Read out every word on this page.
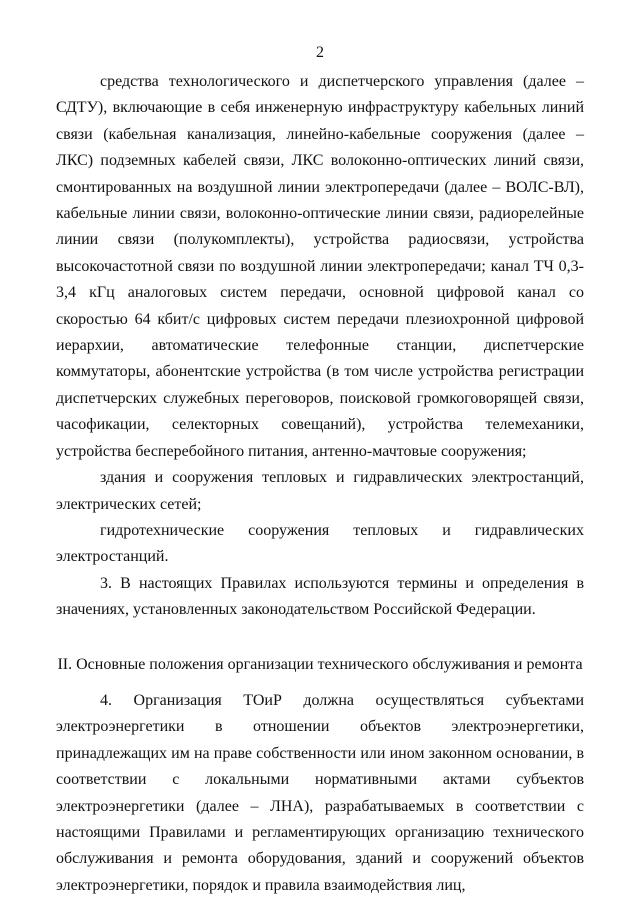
2

средства технологического и диспетчерского управления (далее – СДТУ), включающие в себя инженерную инфраструктуру кабельных линий связи (кабельная канализация, линейно-кабельные сооружения (далее – ЛКС) подземных кабелей связи, ЛКС волоконно-оптических линий связи, смонтированных на воздушной линии электропередачи (далее – ВОЛС-ВЛ), кабельные линии связи, волоконно-оптические линии связи, радиорелейные линии связи (полукомплекты), устройства радиосвязи, устройства высокочастотной связи по воздушной линии электропередачи; канал ТЧ 0,3-3,4 кГц аналоговых систем передачи, основной цифровой канал со скоростью 64 кбит/с цифровых систем передачи плезиохронной цифровой иерархии, автоматические телефонные станции, диспетчерские коммутаторы, абонентские устройства (в том числе устройства регистрации диспетчерских служебных переговоров, поисковой громкоговорящей связи, часофикации, селекторных совещаний), устройства телемеханики, устройства бесперебойного питания, антенно-мачтовые сооружения;

здания и сооружения тепловых и гидравлических электростанций, электрических сетей;

гидротехнические сооружения тепловых и гидравлических электростанций.

3. В настоящих Правилах используются термины и определения в значениях, установленных законодательством Российской Федерации.

II. Основные положения организации технического обслуживания и ремонта

4. Организация ТОиР должна осуществляться субъектами электроэнергетики в отношении объектов электроэнергетики, принадлежащих им на праве собственности или ином законном основании, в соответствии с локальными нормативными актами субъектов электроэнергетики (далее – ЛНА), разрабатываемых в соответствии с настоящими Правилами и регламентирующих организацию технического обслуживания и ремонта оборудования, зданий и сооружений объектов электроэнергетики, порядок и правила взаимодействия лиц,
